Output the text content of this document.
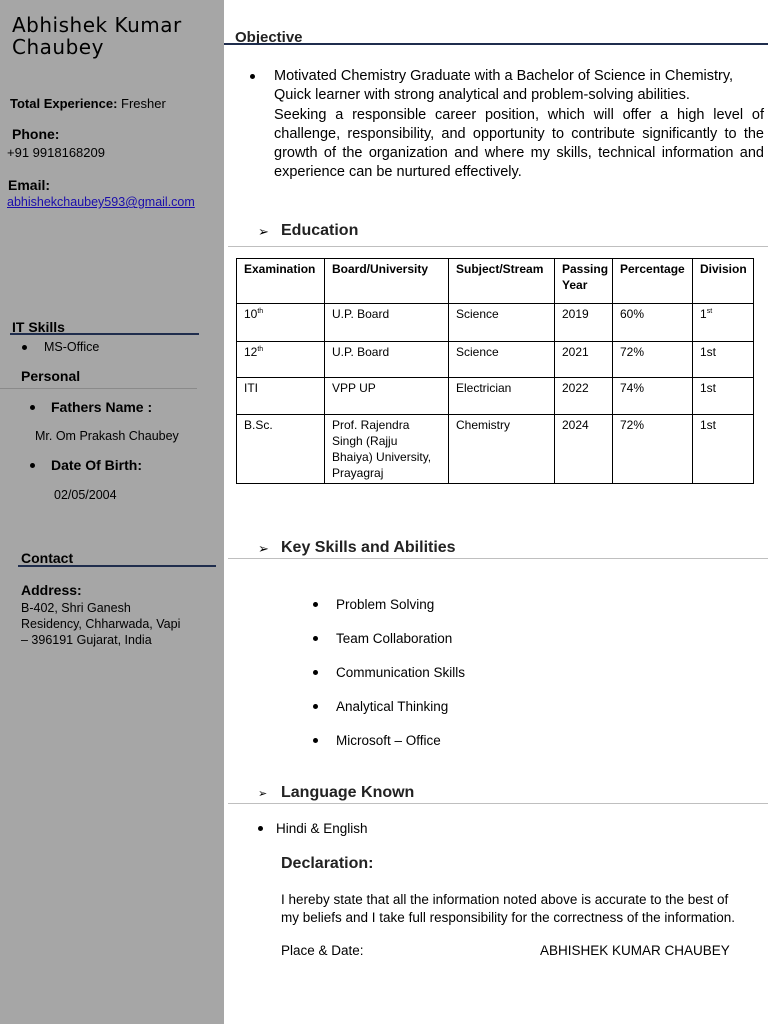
Abhishek Kumar
Chaubey
Total Experience: Fresher
Phone:
+91 9918168209
Email:
abhishekchaubey593@gmail.com
IT Skills
MS-Office
Personal
Fathers Name :
Mr. Om Prakash Chaubey
Date Of Birth:
02/05/2004
Contact
Address:
B-402, Shri Ganesh
Residency, Chharwada, Vapi
– 396191 Gujarat, India
Objective
Motivated Chemistry Graduate with a Bachelor of Science in Chemistry,
Quick learner with strong analytical and problem-solving abilities.
Seeking a responsible career position, which will offer a high level of challenge, responsibility, and opportunity to contribute significantly to the growth of the organization and where my skills, technical information and experience can be nurtured effectively.
➢ Education
Examination	Board/University	Subject/Stream	Passing Year	Percentage	Division
10th	U.P. Board	Science	2019	60%	1st
12th	U.P. Board	Science	2021	72%	1st
ITI	VPP UP	Electrician	2022	74%	1st
B.Sc.	Prof. Rajendra Singh (Rajju Bhaiya) University, Prayagraj	Chemistry	2024	72%	1st
➢ Key Skills and Abilities
Problem Solving
Team Collaboration
Communication Skills
Analytical Thinking
Microsoft – Office
➢ Language Known
Hindi & English
Declaration:
I hereby state that all the information noted above is accurate to the best of
my beliefs and I take full responsibility for the correctness of the information.
Place & Date:	ABHISHEK KUMAR CHAUBEY
